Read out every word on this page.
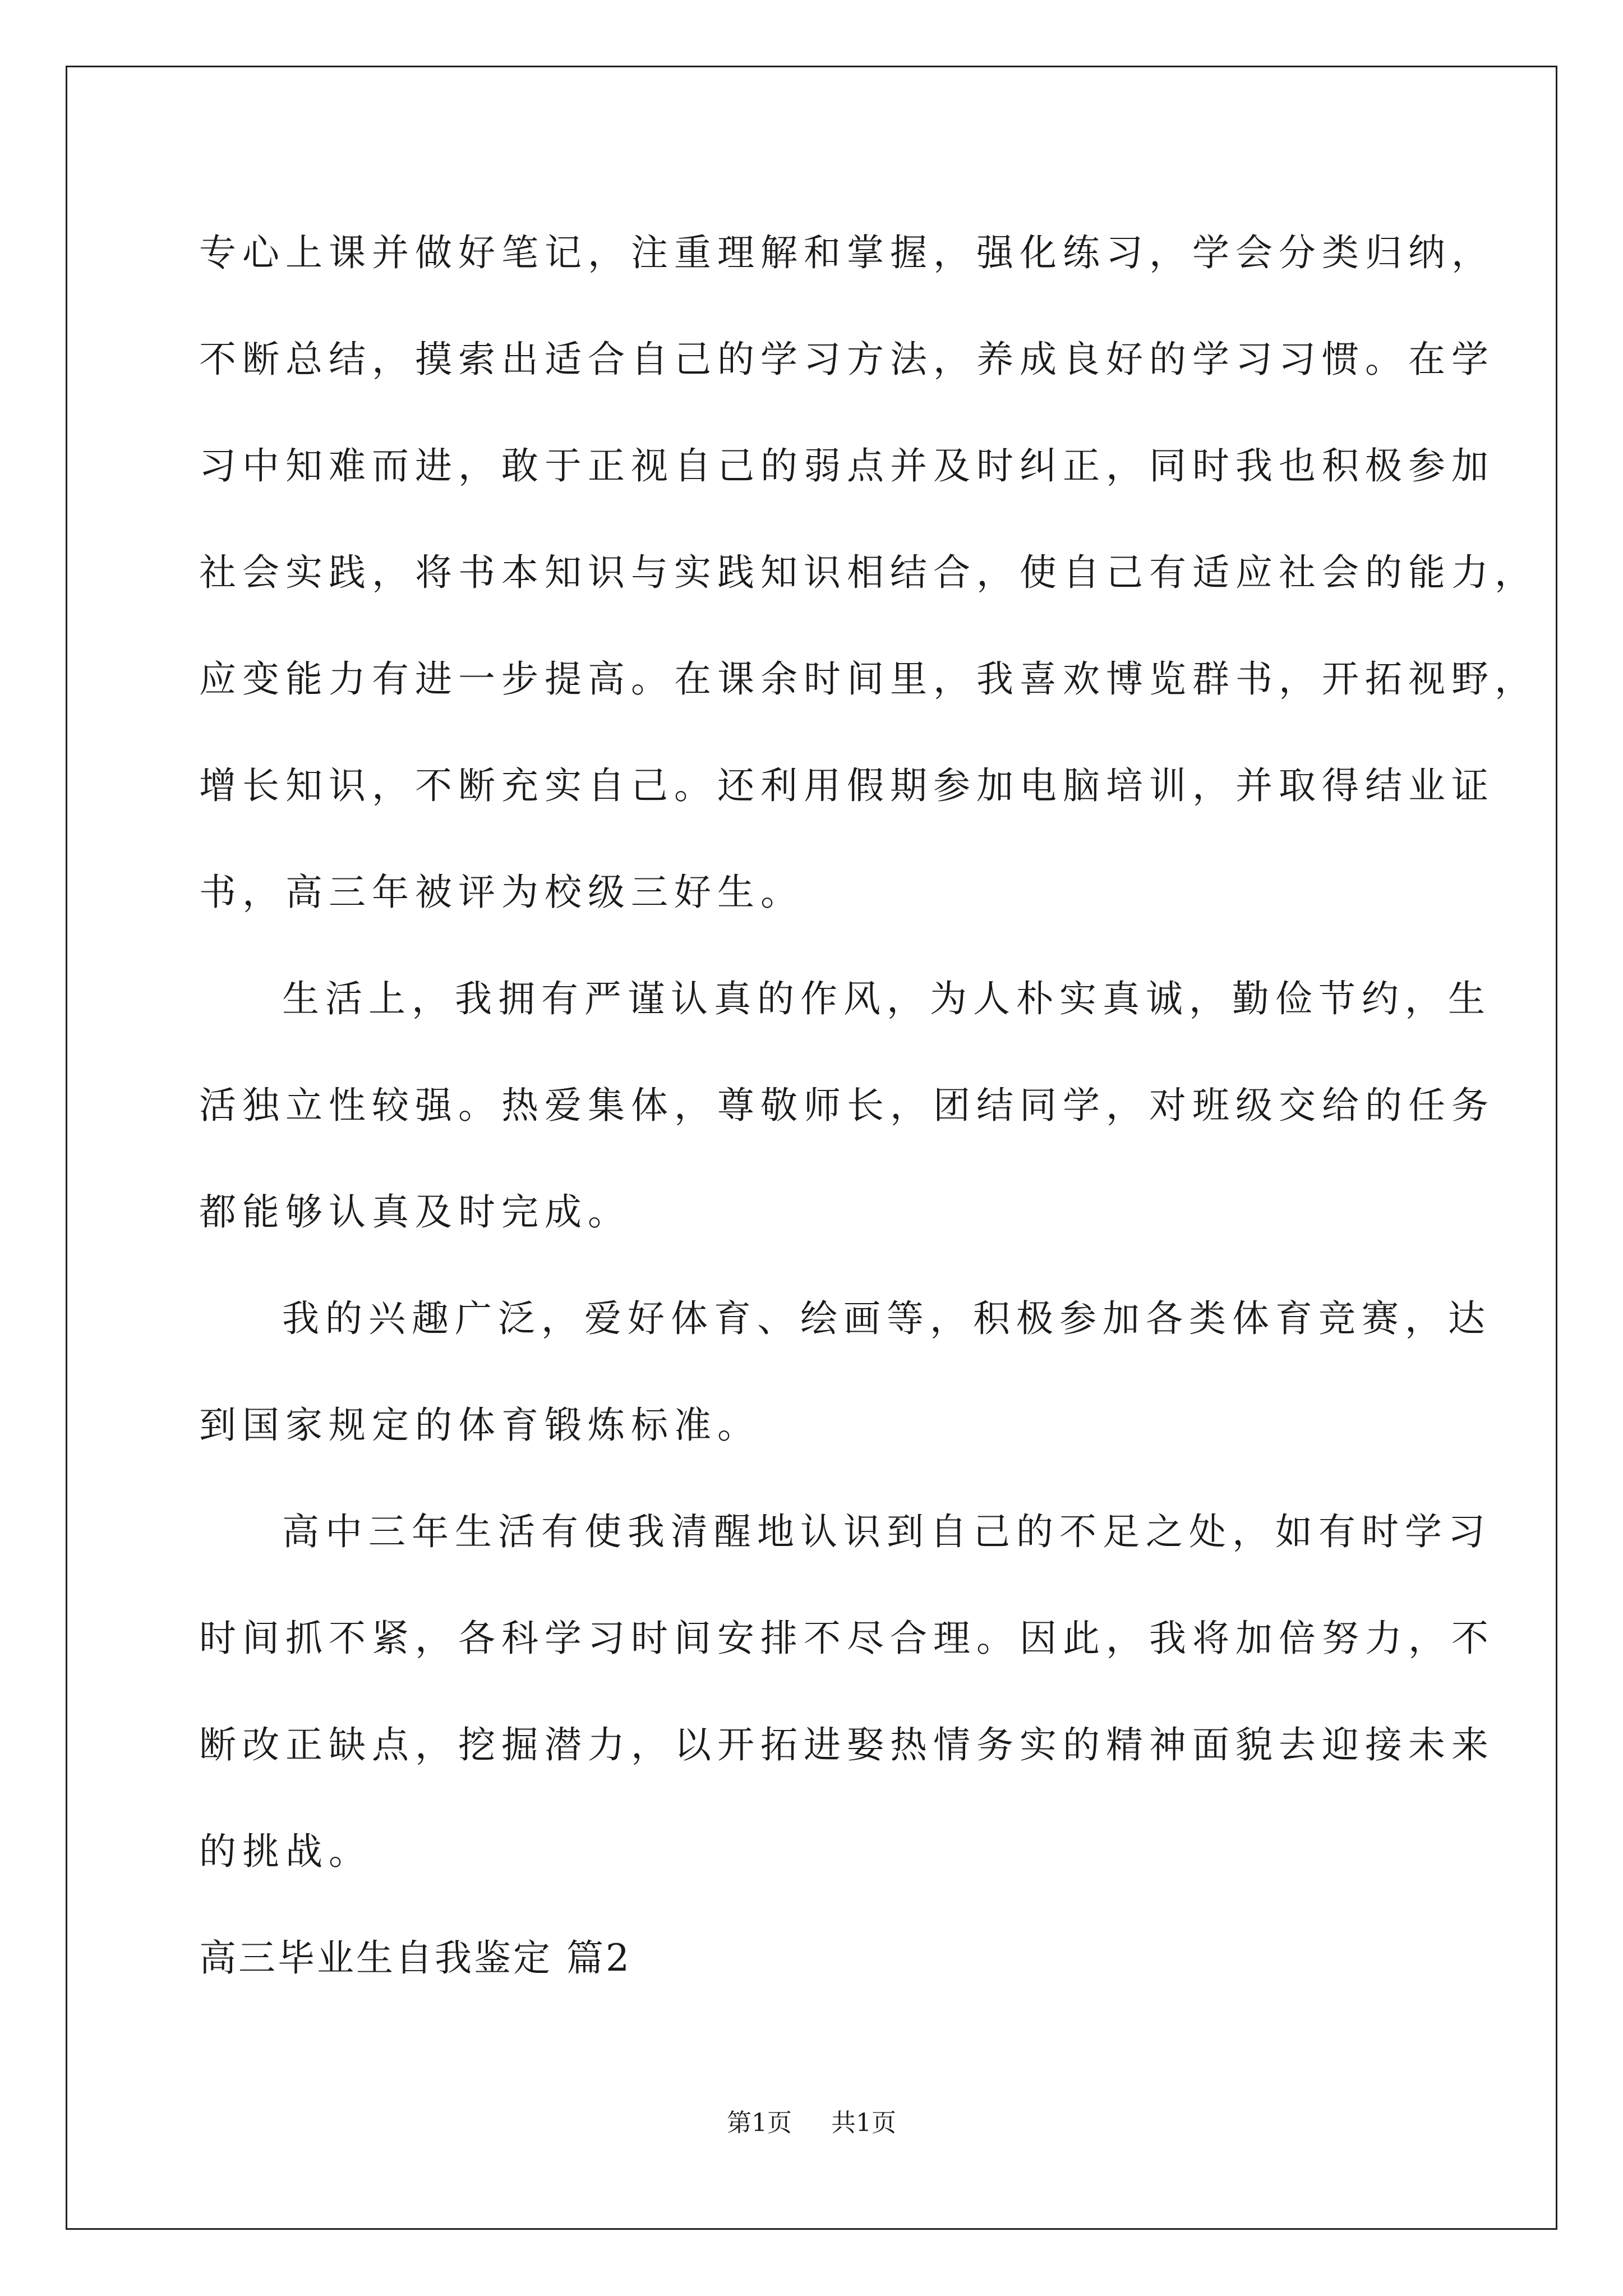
专心上课并做好笔记，注重理解和掌握，强化练习，学会分类归纳，
不断总结，摸索出适合自己的学习方法，养成良好的学习习惯。在学
习中知难而进，敢于正视自己的弱点并及时纠正，同时我也积极参加
社会实践，将书本知识与实践知识相结合，使自己有适应社会的能力，
应变能力有进一步提高。在课余时间里，我喜欢博览群书，开拓视野，
增长知识，不断充实自己。还利用假期参加电脑培训，并取得结业证
书，高三年被评为校级三好生。
生活上，我拥有严谨认真的作风，为人朴实真诚，勤俭节约，生
活独立性较强。热爱集体，尊敬师长，团结同学，对班级交给的任务
都能够认真及时完成。
我的兴趣广泛，爱好体育、绘画等，积极参加各类体育竞赛，达
到国家规定的体育锻炼标准。
高中三年生活有使我清醒地认识到自己的不足之处，如有时学习
时间抓不紧，各科学习时间安排不尽合理。因此，我将加倍努力，不
断改正缺点，挖掘潜力，以开拓进娶热情务实的精神面貌去迎接未来
的挑战。
高三毕业生自我鉴定 篇2
第1页 共1页
